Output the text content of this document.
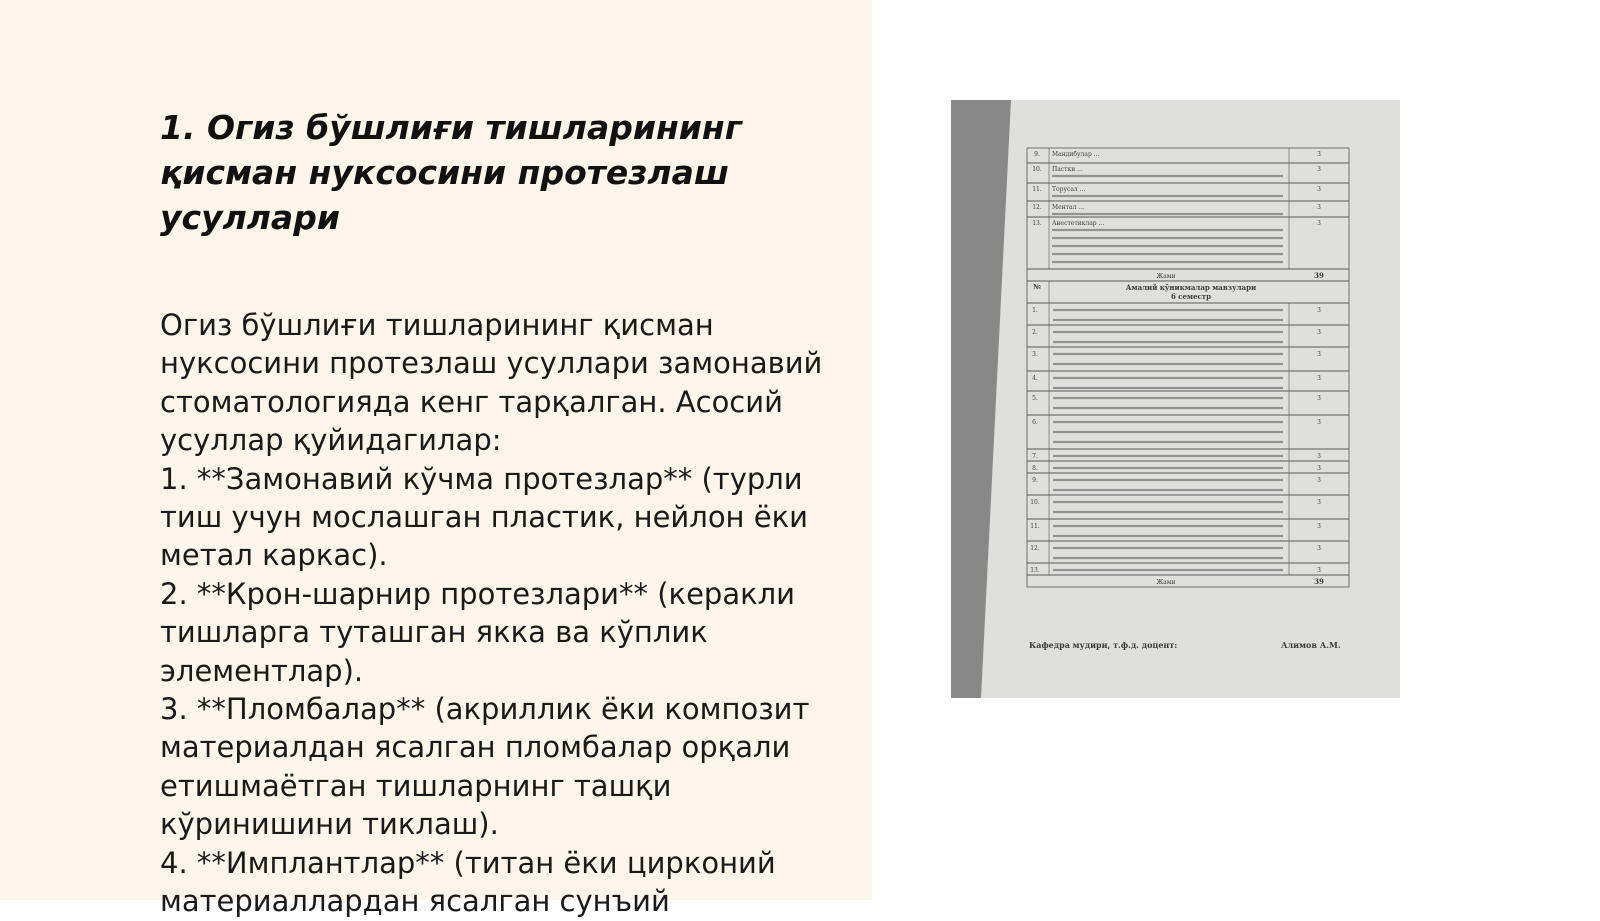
1. Огиз бўшлиғи тишларининг қисман нуксосини протезлаш усуллари
Огиз бўшлиғи тишларининг қисман нуксосини протезлаш усуллари замонавий стоматологияда кенг тарқалган. Асосий усуллар қуйидагилар:
1. **Замонавий кўчма протезлар** (турли тиш учун мослашган пластик, нейлон ёки метал каркас).
2. **Крон-шарнир протезлари** (керакли тишларга туташган якка ва кўплик элементлар).
3. **Пломбалар** (акриллик ёки композит материалдан ясалган пломбалар орқали етишмаётган тишларнинг ташқи кўринишини тиклаш).
4. **Имплантлар** (титан ёки цирконий материаллардан ясалган сунъий
Кафедра мудири, т.ф.д. доцент:	Алимов А.М.
